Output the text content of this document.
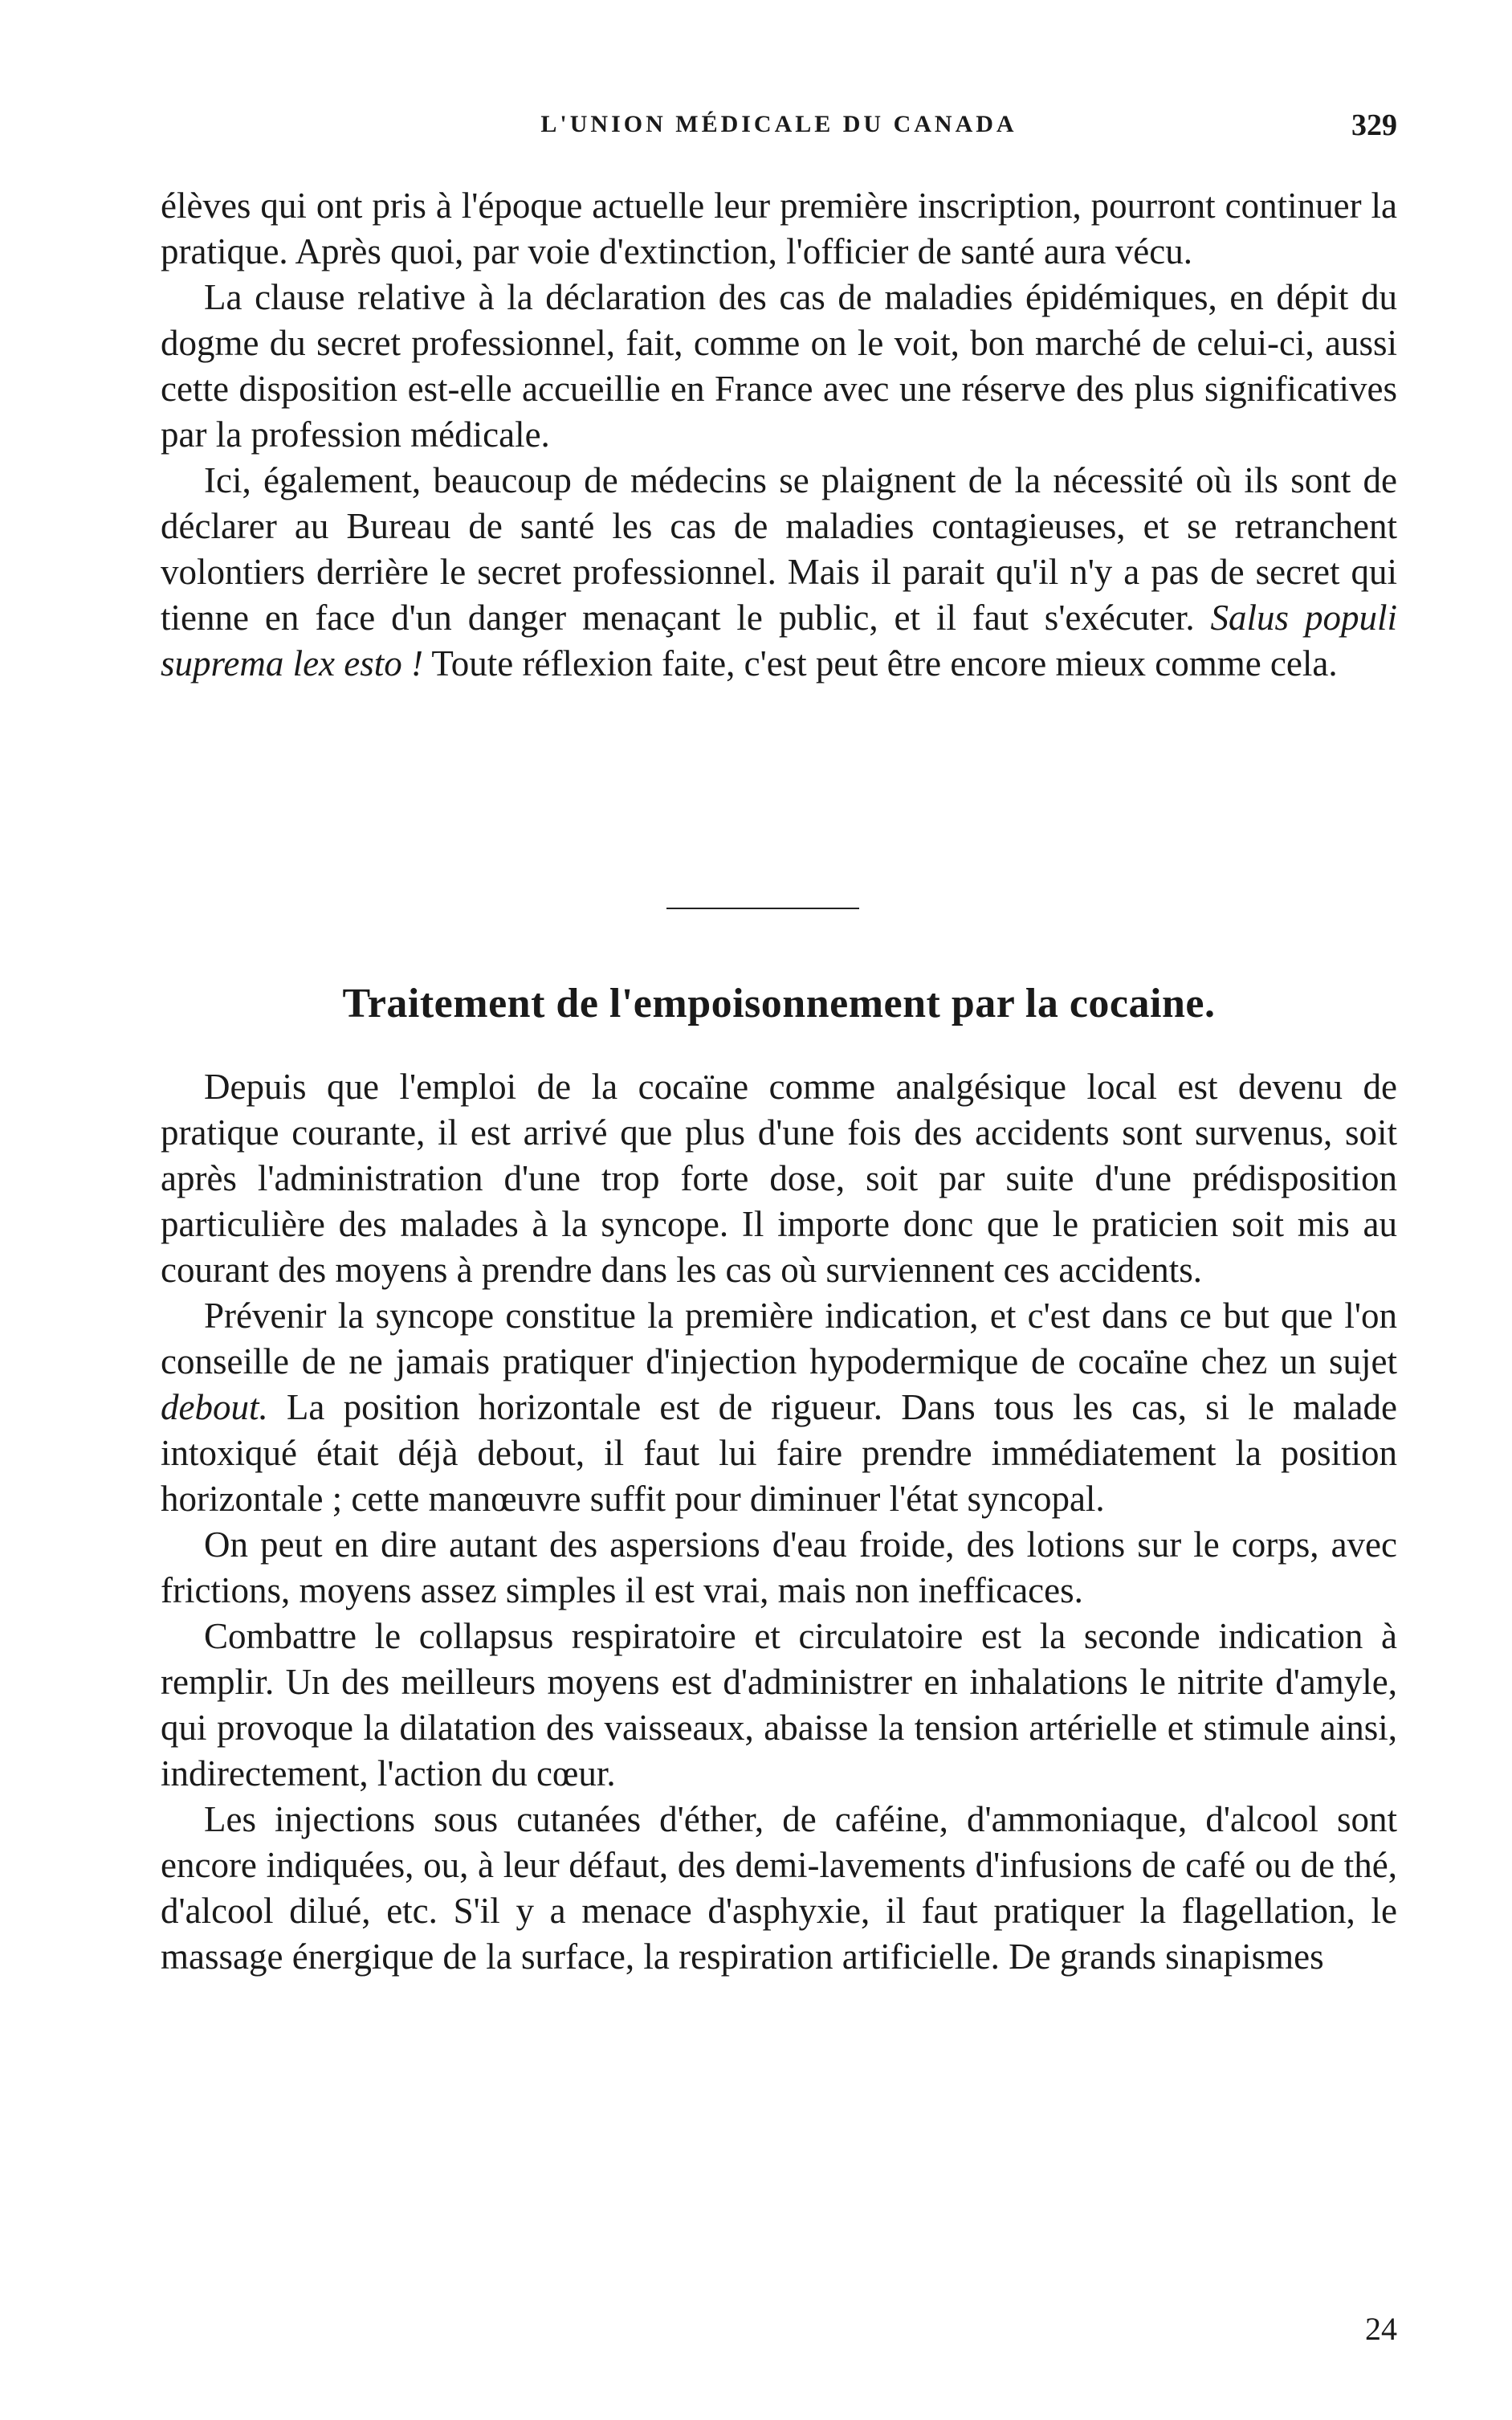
L'UNION MÉDICALE DU CANADA	329

élèves qui ont pris à l'époque actuelle leur première inscription, pourront continuer la pratique. Après quoi, par voie d'extinction, l'officier de santé aura vécu.

La clause relative à la déclaration des cas de maladies épidémiques, en dépit du dogme du secret professionnel, fait, comme on le voit, bon marché de celui-ci, aussi cette disposition est-elle accueillie en France avec une réserve des plus significatives par la profession médicale.

Ici, également, beaucoup de médecins se plaignent de la nécessité où ils sont de déclarer au Bureau de santé les cas de maladies contagieuses, et se retranchent volontiers derrière le secret professionnel. Mais il parait qu'il n'y a pas de secret qui tienne en face d'un danger menaçant le public, et il faut s'exécuter. Salus populi suprema lex esto ! Toute réflexion faite, c'est peut être encore mieux comme cela.

Traitement de l'empoisonnement par la cocaine.

Depuis que l'emploi de la cocaïne comme analgésique local est devenu de pratique courante, il est arrivé que plus d'une fois des accidents sont survenus, soit après l'administration d'une trop forte dose, soit par suite d'une prédisposition particulière des malades à la syncope. Il importe donc que le praticien soit mis au courant des moyens à prendre dans les cas où surviennent ces accidents.

Prévenir la syncope constitue la première indication, et c'est dans ce but que l'on conseille de ne jamais pratiquer d'injection hypodermique de cocaïne chez un sujet debout. La position horizontale est de rigueur. Dans tous les cas, si le malade intoxiqué était déjà debout, il faut lui faire prendre immédiatement la position horizontale ; cette manœuvre suffit pour diminuer l'état syncopal.

On peut en dire autant des aspersions d'eau froide, des lotions sur le corps, avec frictions, moyens assez simples il est vrai, mais non inefficaces.

Combattre le collapsus respiratoire et circulatoire est la seconde indication à remplir. Un des meilleurs moyens est d'administrer en inhalations le nitrite d'amyle, qui provoque la dilatation des vaisseaux, abaisse la tension artérielle et stimule ainsi, indirectement, l'action du cœur.

Les injections sous cutanées d'éther, de caféine, d'ammoniaque, d'alcool sont encore indiquées, ou, à leur défaut, des demi-lavements d'infusions de café ou de thé, d'alcool dilué, etc. S'il y a menace d'asphyxie, il faut pratiquer la flagellation, le massage énergique de la surface, la respiration artificielle. De grands sinapismes

24
